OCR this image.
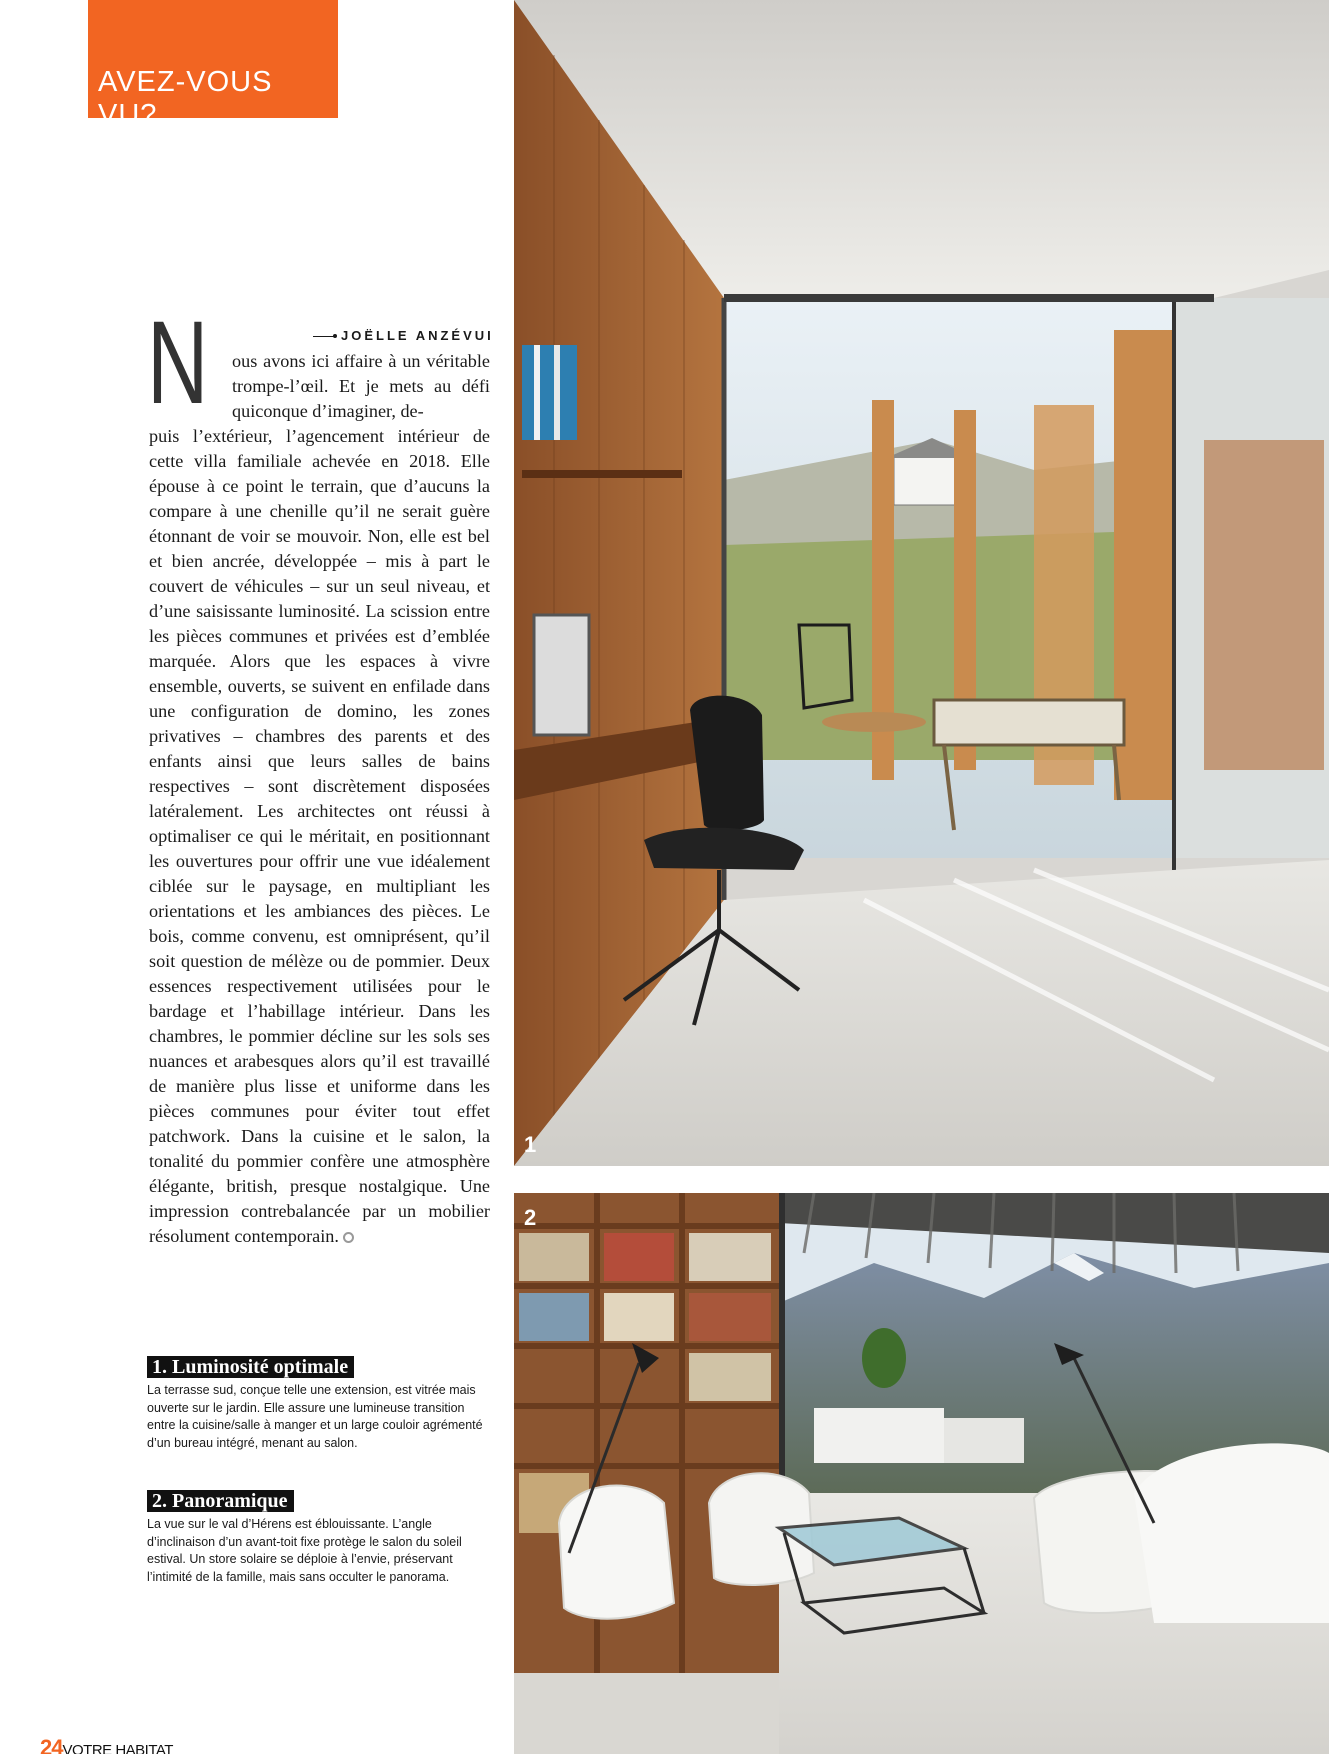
AVEZ-VOUS VU?
JOËLLE ANZÉVUI
N ous avons ici affaire à un véritable trompe-l’œil. Et je mets au défi quiconque d’imaginer, de-
puis l’extérieur, l’agencement intérieur de cette villa familiale achevée en 2018. Elle épouse à ce point le terrain, que d’aucuns la compare à une chenille qu’il ne serait guère étonnant de voir se mouvoir. Non, elle est bel et bien ancrée, développée – mis à part le couvert de véhicules – sur un seul niveau, et d’une saisissante luminosité. La scission entre les pièces communes et privées est d’emblée marquée. Alors que les espaces à vivre ensemble, ouverts, se suivent en enfilade dans une configuration de domino, les zones privatives – chambres des parents et des enfants ainsi que leurs salles de bains respectives – sont discrètement disposées latéralement. Les architectes ont réussi à optimaliser ce qui le méritait, en positionnant les ouvertures pour offrir une vue idéalement ciblée sur le paysage, en multipliant les orientations et les ambiances des pièces. Le bois, comme convenu, est omniprésent, qu’il soit question de mélèze ou de pommier. Deux essences respectivement utilisées pour le bardage et l’habillage intérieur. Dans les chambres, le pommier décline sur les sols ses nuances et arabesques alors qu’il est travaillé de manière plus lisse et uniforme dans les pièces communes pour éviter tout effet patchwork. Dans la cuisine et le salon, la tonalité du pommier confère une atmosphère élégante, british, presque nostalgique. Une impression contrebalancée par un mobilier résolument contemporain.
1. Luminosité optimale
La terrasse sud, conçue telle une extension, est vitrée mais ouverte sur le jardin. Elle assure une lumineuse transition entre la cuisine/salle à manger et un large couloir agrémenté d’un bureau intégré, menant au salon.
2. Panoramique
La vue sur le val d’Hérens est éblouissante. L’angle d’inclinaison d’un avant-toit fixe protège le salon du soleil estival. Un store solaire se déploie à l’envie, préservant l’intimité de la famille, mais sans occulter le panorama.
24VOTRE HABITAT
1
2
